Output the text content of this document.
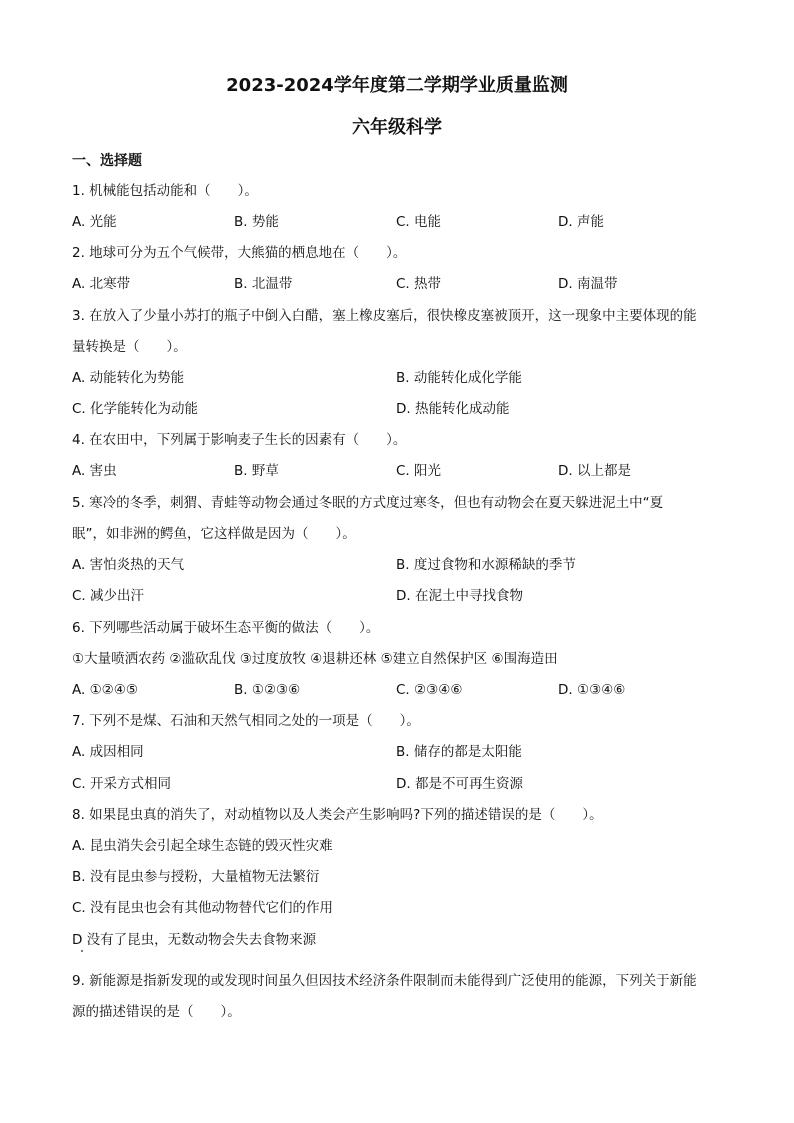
2023-2024学年度第二学期学业质量监测
六年级科学
一、选择题
1. 机械能包括动能和（　　）。
A. 光能	B. 势能	C. 电能	D. 声能
2. 地球可分为五个气候带，大熊猫的栖息地在（　　）。
A. 北寒带	B. 北温带	C. 热带	D. 南温带
3. 在放入了少量小苏打的瓶子中倒入白醋，塞上橡皮塞后，很快橡皮塞被顶开，这一现象中主要体现的能
量转换是（　　）。
A. 动能转化为势能	B. 动能转化成化学能
C. 化学能转化为动能	D. 热能转化成动能
4. 在农田中，下列属于影响麦子生长的因素有（　　）。
A. 害虫	B. 野草	C. 阳光	D. 以上都是
5. 寒冷的冬季，刺猬、青蛙等动物会通过冬眠的方式度过寒冬，但也有动物会在夏天躲进泥土中“夏
眠”，如非洲的鳄鱼，它这样做是因为（　　）。
A. 害怕炎热的天气	B. 度过食物和水源稀缺的季节
C. 减少出汗	D. 在泥土中寻找食物
6. 下列哪些活动属于破坏生态平衡的做法（　　）。
①大量喷洒农药 ②滥砍乱伐 ③过度放牧 ④退耕还林 ⑤建立自然保护区 ⑥围海造田
A. ①②④⑤	B. ①②③⑥	C. ②③④⑥	D. ①③④⑥
7. 下列不是煤、石油和天然气相同之处的一项是（　　）。
A. 成因相同	B. 储存的都是太阳能
C. 开采方式相同	D. 都是不可再生资源
8. 如果昆虫真的消失了，对动植物以及人类会产生影响吗?下列的描述错误的是（　　）。
A. 昆虫消失会引起全球生态链的毁灭性灾难
B. 没有昆虫参与授粉，大量植物无法繁衍
C. 没有昆虫也会有其他动物替代它们的作用
D 没有了昆虫，无数动物会失去食物来源
9. 新能源是指新发现的或发现时间虽久但因技术经济条件限制而未能得到广泛使用的能源，下列关于新能
源的描述错误的是（　　）。
